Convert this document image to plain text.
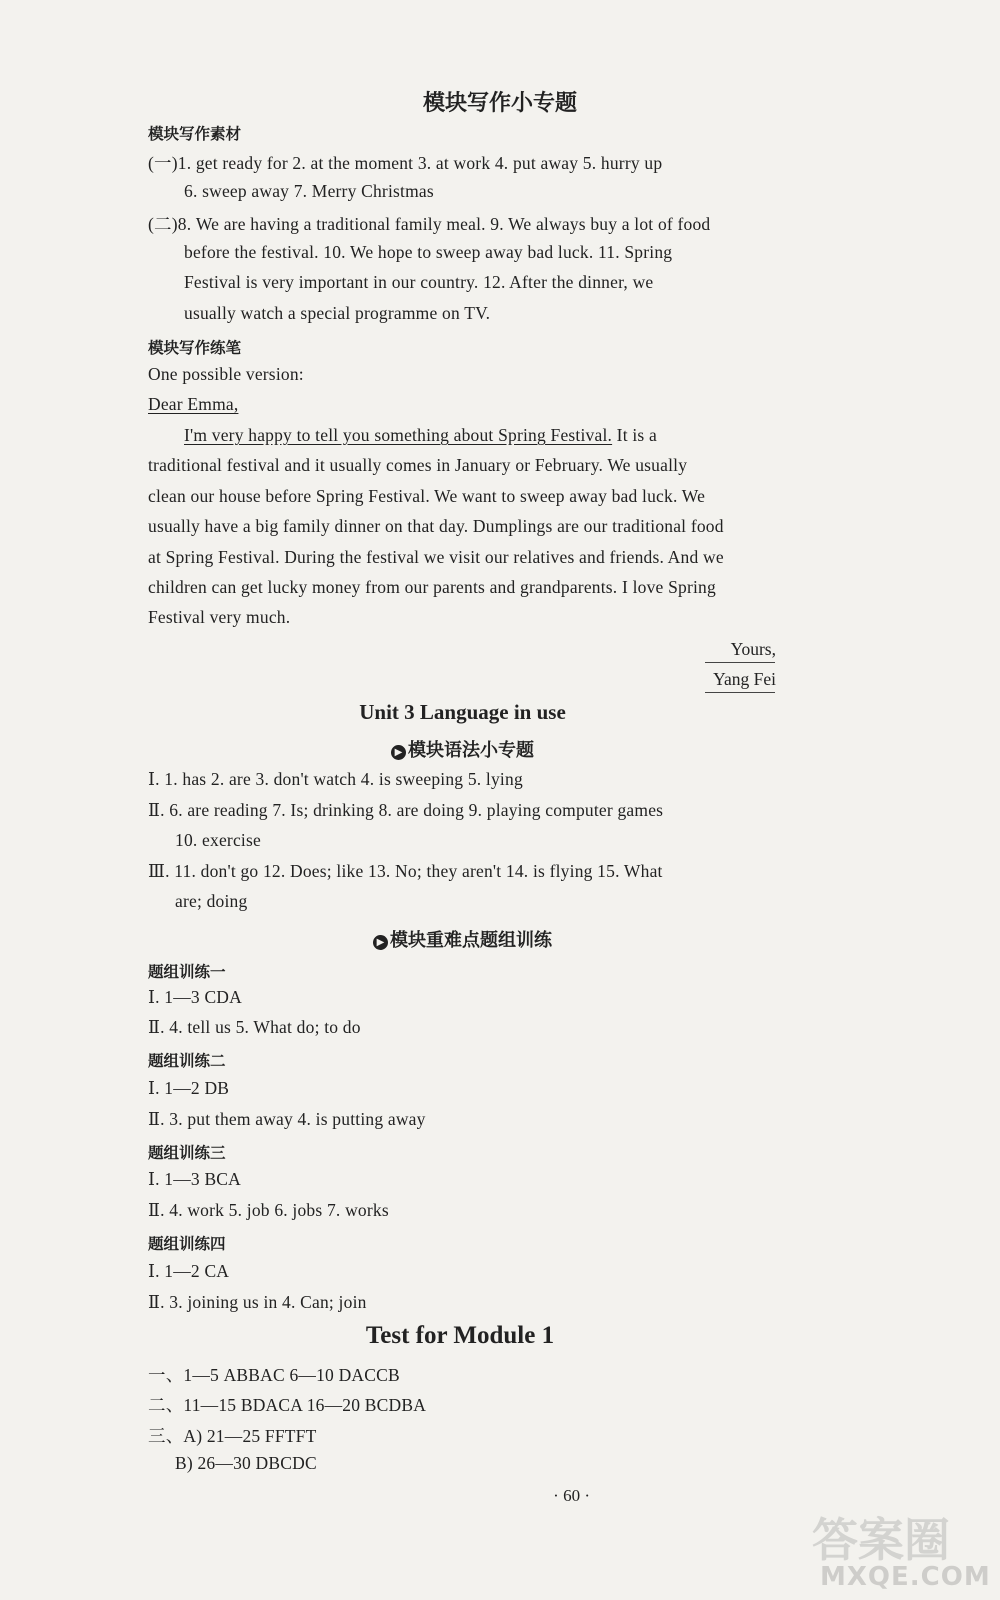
模块写作小专题
模块写作素材
(一)1. get ready for 2. at the moment 3. at work 4. put away 5. hurry up
6. sweep away 7. Merry Christmas
(二)8. We are having a traditional family meal. 9. We always buy a lot of food
before the festival. 10. We hope to sweep away bad luck. 11. Spring
Festival is very important in our country. 12. After the dinner, we
usually watch a special programme on TV.
模块写作练笔
One possible version:
Dear Emma,
I'm very happy to tell you something about Spring Festival. It is a
traditional festival and it usually comes in January or February. We usually
clean our house before Spring Festival. We want to sweep away bad luck. We
usually have a big family dinner on that day. Dumplings are our traditional food
at Spring Festival. During the festival we visit our relatives and friends. And we
children can get lucky money from our parents and grandparents. I love Spring
Festival very much.
Yours,
Yang Fei
Unit 3 Language in use
▶ 模块语法小专题
Ⅰ. 1. has 2. are 3. don't watch 4. is sweeping 5. lying
Ⅱ. 6. are reading 7. Is; drinking 8. are doing 9. playing computer games
10. exercise
Ⅲ. 11. don't go 12. Does; like 13. No; they aren't 14. is flying 15. What
are; doing
▶ 模块重难点题组训练
题组训练一
Ⅰ. 1—3 CDA
Ⅱ. 4. tell us 5. What do; to do
题组训练二
Ⅰ. 1—2 DB
Ⅱ. 3. put them away 4. is putting away
题组训练三
Ⅰ. 1—3 BCA
Ⅱ. 4. work 5. job 6. jobs 7. works
题组训练四
Ⅰ. 1—2 CA
Ⅱ. 3. joining us in 4. Can; join
Test for Module 1
一、1—5 ABBAC 6—10 DACCB
二、11—15 BDACA 16—20 BCDBA
三、A) 21—25 FFTFT
B) 26—30 DBCDC
· 60 ·
答案圈
MXQE.COM
